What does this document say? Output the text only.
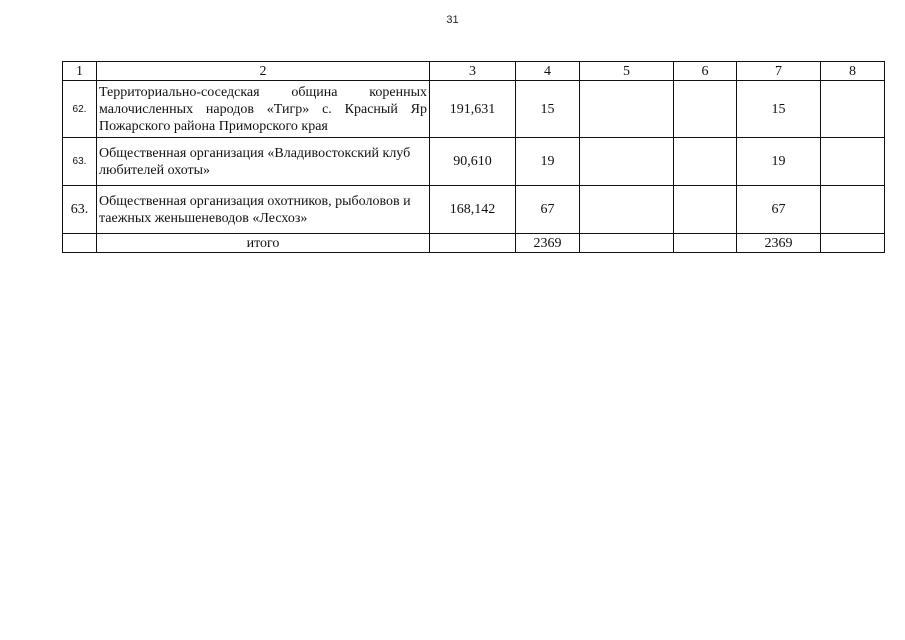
31
1	2	3	4	5	6	7	8
62.	Территориально-соседская община коренных малочисленных народов «Тигр» с. Красный Яр Пожарского района Приморского края	191,631	15			15	
63.	Общественная организация «Владивостокский клуб любителей охоты»	90,610	19			19	
63.	Общественная организация охотников, рыболовов и таежных женьшеневодов «Лесхоз»	168,142	67			67	
	итого		2369			2369	
